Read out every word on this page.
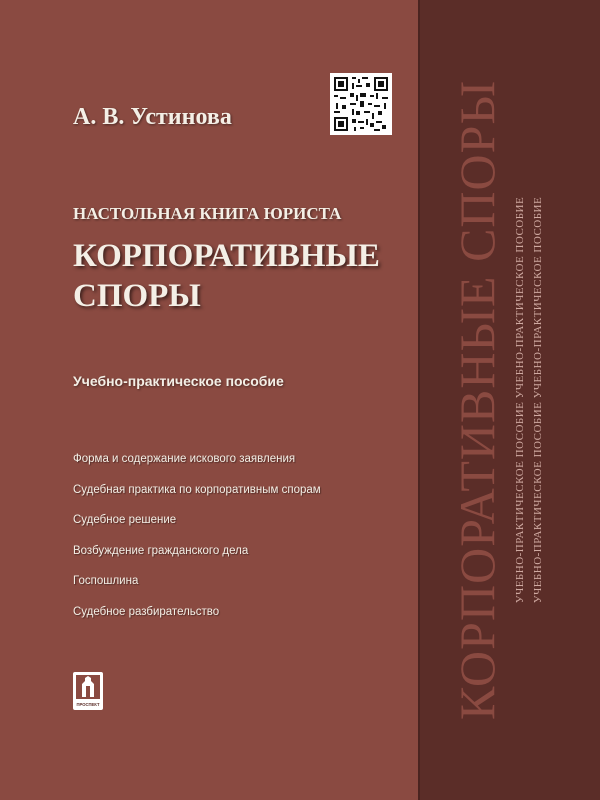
А. В. Устинова
НАСТОЛЬНАЯ КНИГА ЮРИСТА
КОРПОРАТИВНЫЕ
СПОРЫ
Учебно-практическое пособие
Форма и содержание искового заявления
Судебная практика по корпоративным спорам
Судебное решение
Возбуждение гражданского дела
Госпошлина
Судебное разбирательство
ПРОСПЕКТ	КОРПОРАТИВНЫЕ СПОРЫ УЧЕБНО-ПРАКТИЧЕСКОЕ ПОСОБИЕ УЧЕБНО-ПРАКТИЧЕСКОЕ ПОСОБИЕ УЧЕБНО-ПРАКТИЧЕСКОЕ ПОСОБИЕ УЧЕБНО-ПРАКТИЧЕСКОЕ ПОСОБИЕ
